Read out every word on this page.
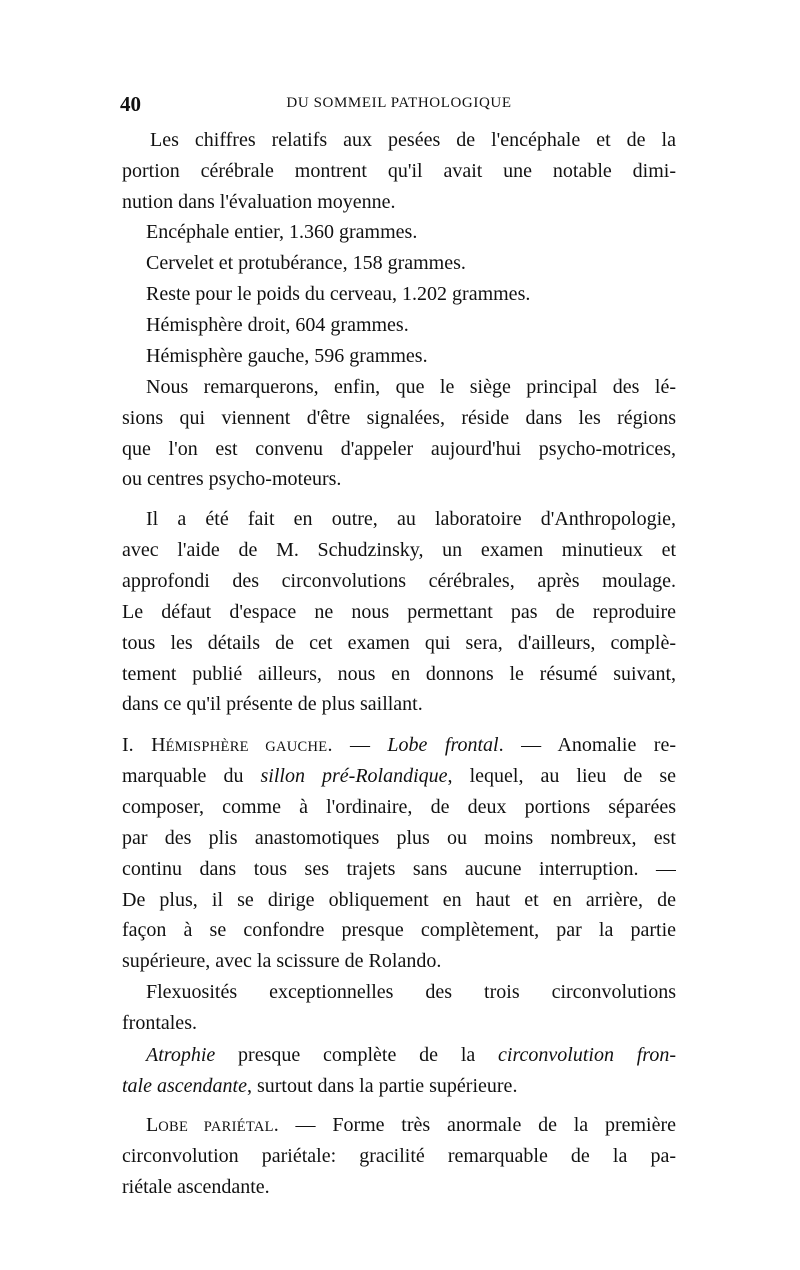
40	DU SOMMEIL PATHOLOGIQUE
Les chiffres relatifs aux pesées de l'encéphale et de la
portion cérébrale montrent qu'il avait une notable dimi-
nution dans l'évaluation moyenne.
Encéphale entier, 1.360 grammes.
Cervelet et protubérance, 158 grammes.
Reste pour le poids du cerveau, 1.202 grammes.
Hémisphère droit, 604 grammes.
Hémisphère gauche, 596 grammes.
Nous remarquerons, enfin, que le siège principal des lé-
sions qui viennent d'être signalées, réside dans les régions
que l'on est convenu d'appeler aujourd'hui psycho-motrices,
ou centres psycho-moteurs.
Il a été fait en outre, au laboratoire d'Anthropologie,
avec l'aide de M. Schudzinsky, un examen minutieux et
approfondi des circonvolutions cérébrales, après moulage.
Le défaut d'espace ne nous permettant pas de reproduire
tous les détails de cet examen qui sera, d'ailleurs, complè-
tement publié ailleurs, nous en donnons le résumé suivant,
dans ce qu'il présente de plus saillant.
I. HÉMISPHÈRE GAUCHE. — Lobe frontal. — Anomalie re-
marquable du sillon pré-Rolandique, lequel, au lieu de se
composer, comme à l'ordinaire, de deux portions séparées
par des plis anastomotiques plus ou moins nombreux, est
continu dans tous ses trajets sans aucune interruption. —
De plus, il se dirige obliquement en haut et en arrière, de
façon à se confondre presque complètement, par la partie
supérieure, avec la scissure de Rolando.
Flexuosités exceptionnelles des trois circonvolutions
frontales.
Atrophie presque complète de la circonvolution fron-
tale ascendante, surtout dans la partie supérieure.
LOBE PARIÉTAL. — Forme très anormale de la première
circonvolution pariétale: gracilité remarquable de la pa-
riétale ascendante.
